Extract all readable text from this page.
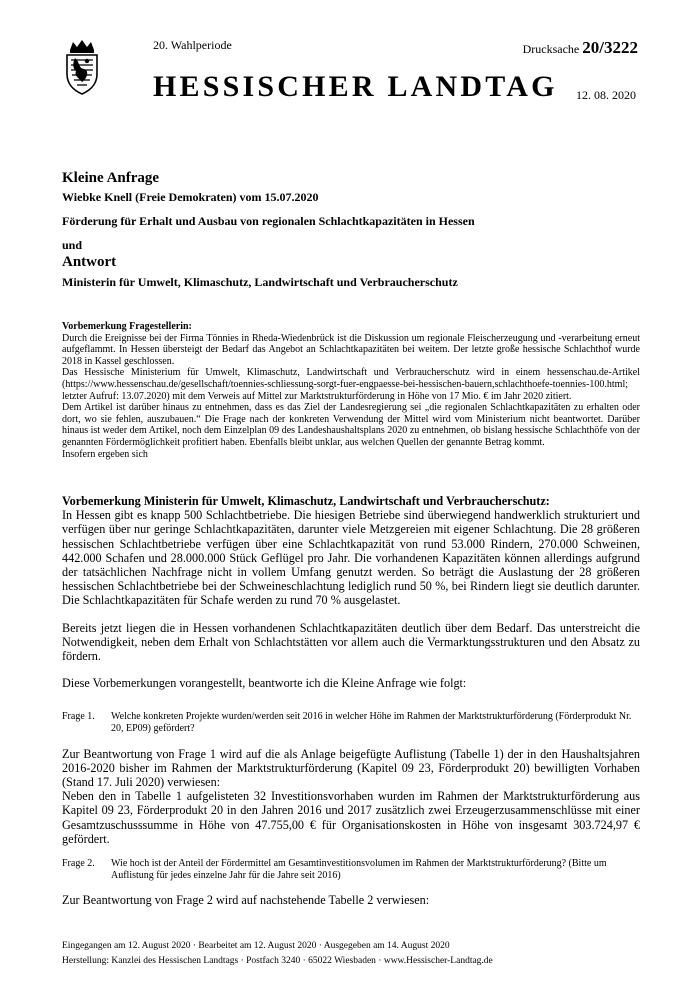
20. Wahlperiode
HESSISCHER LANDTAG
Drucksache 20/3222
12. 08. 2020
Kleine Anfrage
Wiebke Knell (Freie Demokraten) vom 15.07.2020
Förderung für Erhalt und Ausbau von regionalen Schlachtkapazitäten in Hessen
und
Antwort
Ministerin für Umwelt, Klimaschutz, Landwirtschaft und Verbraucherschutz

Vorbemerkung Fragestellerin:

Durch die Ereignisse bei der Firma Tönnies in Rheda-Wiedenbrück ist die Diskussion um regionale Fleischerzeugung und -verarbeitung erneut aufgeflammt. In Hessen übersteigt der Bedarf das Angebot an Schlachtkapazitäten bei weitem. Der letzte große hessische Schlachthof wurde 2018 in Kassel geschlossen.

Das Hessische Ministerium für Umwelt, Klimaschutz, Landwirtschaft und Verbraucherschutz wird in einem hessenschau.de-Artikel (https://www.hessenschau.de/gesellschaft/toennies-schliessung-sorgt-fuer-engpaesse-bei-hessischen-bauern,schlachthoefe-toennies-100.html; letzter Aufruf: 13.07.2020) mit dem Verweis auf Mittel zur Marktstrukturförderung in Höhe von 17 Mio. € im Jahr 2020 zitiert.

Dem Artikel ist darüber hinaus zu entnehmen, dass es das Ziel der Landesregierung sei „die regionalen Schlachtkapazitäten zu erhalten oder dort, wo sie fehlen, auszubauen.“ Die Frage nach der konkreten Verwendung der Mittel wird vom Ministerium nicht beantwortet. Darüber hinaus ist weder dem Artikel, noch dem Einzelplan 09 des Landeshaushaltsplans 2020 zu entnehmen, ob bislang hessische Schlachthöfe von der genannten Fördermöglichkeit profitiert haben. Ebenfalls bleibt unklar, aus welchen Quellen der genannte Betrag kommt.

Insofern ergeben sich

Vorbemerkung Ministerin für Umwelt, Klimaschutz, Landwirtschaft und Verbraucherschutz:

In Hessen gibt es knapp 500 Schlachtbetriebe. Die hiesigen Betriebe sind überwiegend handwerklich strukturiert und verfügen über nur geringe Schlachtkapazitäten, darunter viele Metzgereien mit eigener Schlachtung. Die 28 größeren hessischen Schlachtbetriebe verfügen über eine Schlachtkapazität von rund 53.000 Rindern, 270.000 Schweinen, 442.000 Schafen und 28.000.000 Stück Geflügel pro Jahr. Die vorhandenen Kapazitäten können allerdings aufgrund der tatsächlichen Nachfrage nicht in vollem Umfang genutzt werden. So beträgt die Auslastung der 28 größeren hessischen Schlachtbetriebe bei der Schweineschlachtung lediglich rund 50 %, bei Rindern liegt sie deutlich darunter. Die Schlachtkapazitäten für Schafe werden zu rund 70 % ausgelastet.

Bereits jetzt liegen die in Hessen vorhandenen Schlachtkapazitäten deutlich über dem Bedarf. Das unterstreicht die Notwendigkeit, neben dem Erhalt von Schlachtstätten vor allem auch die Vermarktungsstrukturen und den Absatz zu fördern.

Diese Vorbemerkungen vorangestellt, beantworte ich die Kleine Anfrage wie folgt:

Frage 1.	Welche konkreten Projekte wurden/werden seit 2016 in welcher Höhe im Rahmen der Marktstrukturförderung (Förderprodukt Nr. 20, EP09) gefördert?

Zur Beantwortung von Frage 1 wird auf die als Anlage beigefügte Auflistung (Tabelle 1) der in den Haushaltsjahren 2016-2020 bisher im Rahmen der Marktstrukturförderung (Kapitel 09 23, Förderprodukt 20) bewilligten Vorhaben (Stand 17. Juli 2020) verwiesen:

Neben den in Tabelle 1 aufgelisteten 32 Investitionsvorhaben wurden im Rahmen der Marktstrukturförderung aus Kapitel 09 23, Förderprodukt 20 in den Jahren 2016 und 2017 zusätzlich zwei Erzeugerzusammenschlüsse mit einer Gesamtzuschusssumme in Höhe von 47.755,00 € für Organisationskosten in Höhe von insgesamt 303.724,97 € gefördert.

Frage 2.	Wie hoch ist der Anteil der Fördermittel am Gesamtinvestitionsvolumen im Rahmen der Marktstrukturförderung? (Bitte um Auflistung für jedes einzelne Jahr für die Jahre seit 2016)

Zur Beantwortung von Frage 2 wird auf nachstehende Tabelle 2 verwiesen:

Eingegangen am 12. August 2020 · Bearbeitet am 12. August 2020 · Ausgegeben am 14. August 2020
Herstellung: Kanzlei des Hessischen Landtags · Postfach 3240 · 65022 Wiesbaden · www.Hessischer-Landtag.de
